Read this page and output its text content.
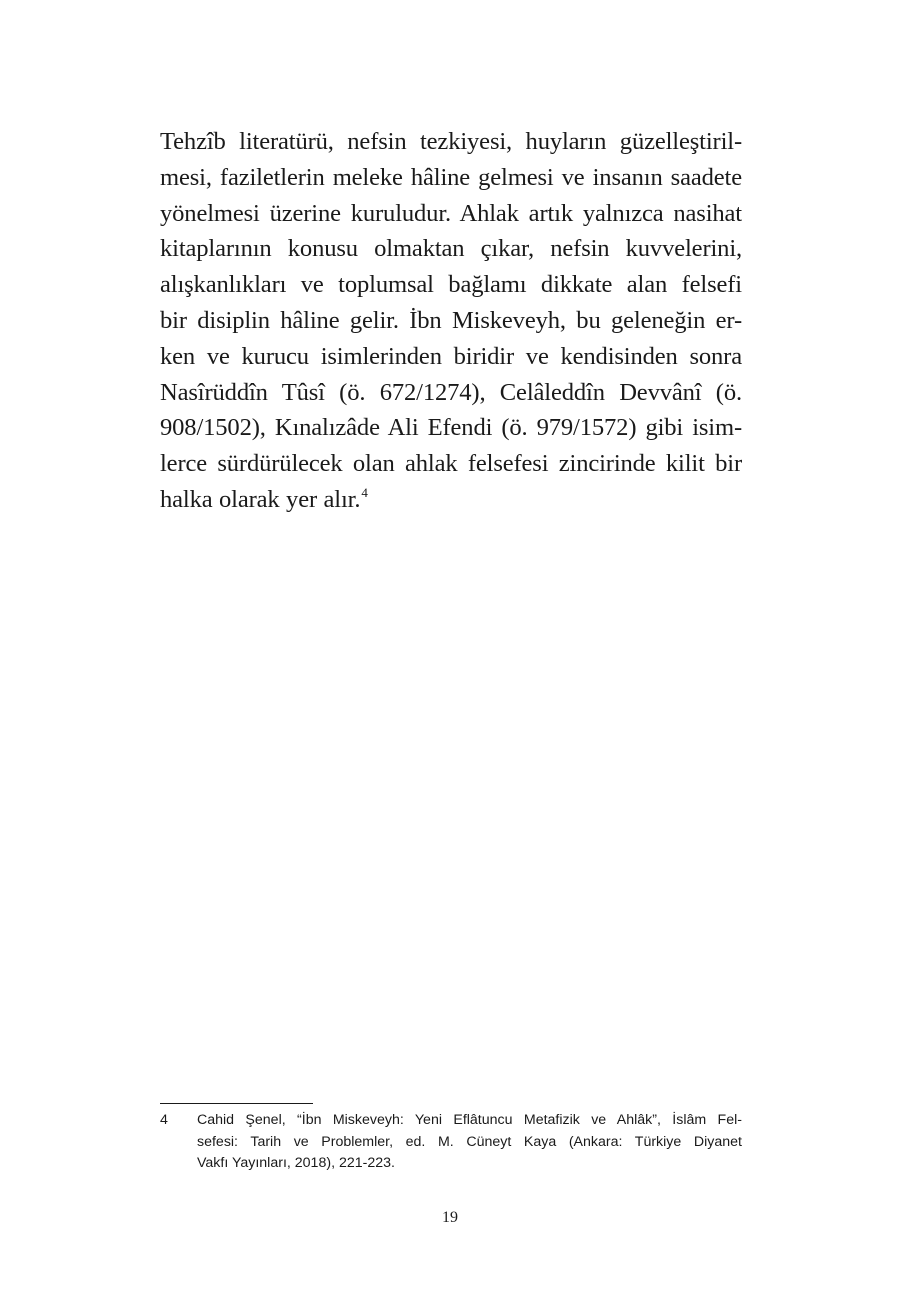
Tehzîb literatürü, nefsin tezkiyesi, huyların güzelleştiril-
mesi, faziletlerin meleke hâline gelmesi ve insanın saadete
yönelmesi üzerine kuruludur. Ahlak artık yalnızca nasihat
kitaplarının konusu olmaktan çıkar, nefsin kuvvelerini,
alışkanlıkları ve toplumsal bağlamı dikkate alan felsefi
bir disiplin hâline gelir. İbn Miskeveyh, bu geleneğin er-
ken ve kurucu isimlerinden biridir ve kendisinden sonra
Nasîrüddîn Tûsî (ö. 672/1274), Celâleddîn Devvânî (ö.
908/1502), Kınalızâde Ali Efendi (ö. 979/1572) gibi isim-
lerce sürdürülecek olan ahlak felsefesi zincirinde kilit bir
halka olarak yer alır.$^4$
4	Cahid Şenel, “İbn Miskeveyh: Yeni Eflâtuncu Metafizik ve Ahlâk”, İslâm Fel-
sefesi: Tarih ve Problemler, ed. M. Cüneyt Kaya (Ankara: Türkiye Diyanet
Vakfı Yayınları, 2018), 221-223.
19
